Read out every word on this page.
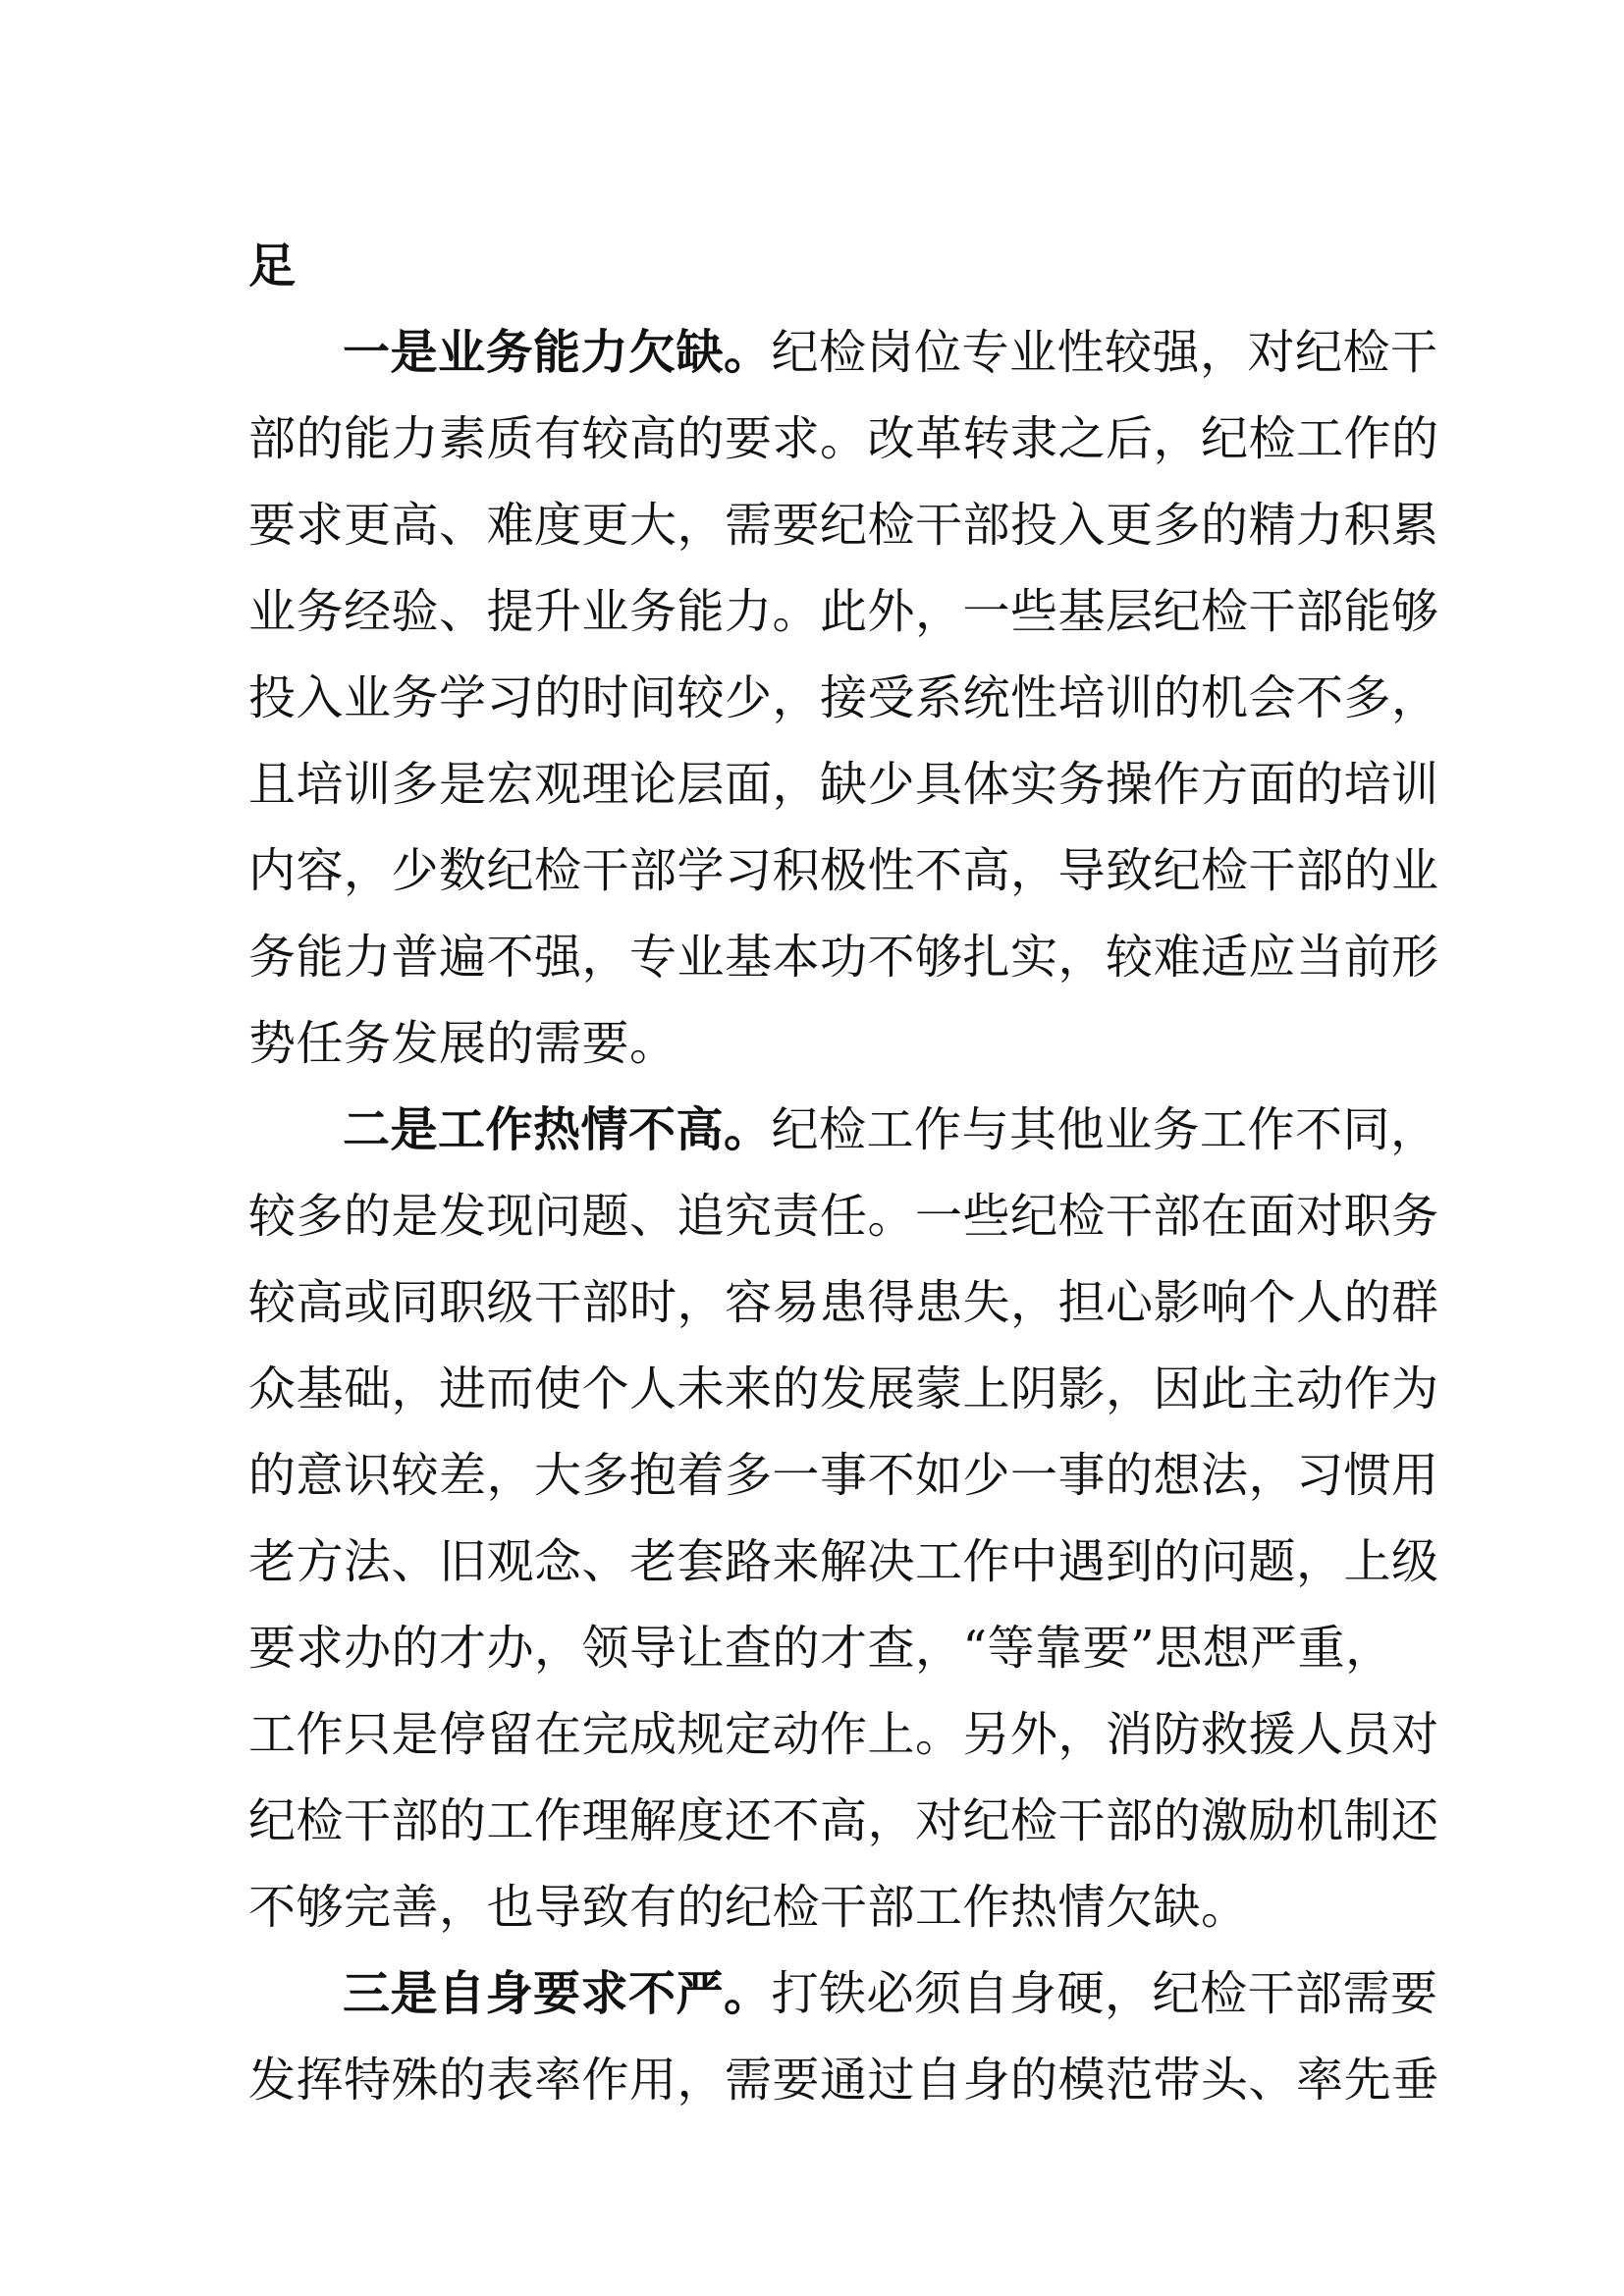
足
一是业务能力欠缺。纪检岗位专业性较强，对纪检干
部的能力素质有较高的要求。改革转隶之后，纪检工作的
要求更高、难度更大，需要纪检干部投入更多的精力积累
业务经验、提升业务能力。此外，一些基层纪检干部能够
投入业务学习的时间较少，接受系统性培训的机会不多，
且培训多是宏观理论层面，缺少具体实务操作方面的培训
内容，少数纪检干部学习积极性不高，导致纪检干部的业
务能力普遍不强，专业基本功不够扎实，较难适应当前形
势任务发展的需要。
二是工作热情不高。纪检工作与其他业务工作不同，
较多的是发现问题、追究责任。一些纪检干部在面对职务
较高或同职级干部时，容易患得患失，担心影响个人的群
众基础，进而使个人未来的发展蒙上阴影，因此主动作为
的意识较差，大多抱着多一事不如少一事的想法，习惯用
老方法、旧观念、老套路来解决工作中遇到的问题，上级
要求办的才办，领导让查的才查，“等靠要”思想严重，
工作只是停留在完成规定动作上。另外，消防救援人员对
纪检干部的工作理解度还不高，对纪检干部的激励机制还
不够完善，也导致有的纪检干部工作热情欠缺。
三是自身要求不严。打铁必须自身硬，纪检干部需要
发挥特殊的表率作用，需要通过自身的模范带头、率先垂
